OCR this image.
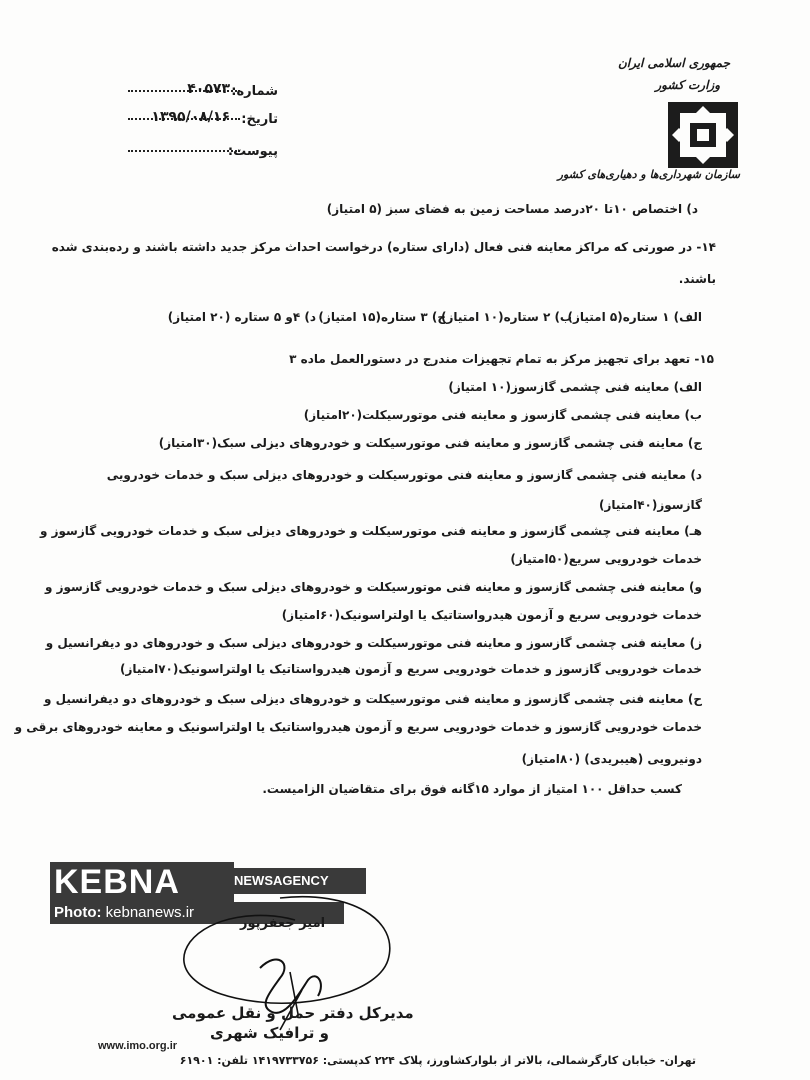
شماره:
۴۰۵۷۳
تاریخ:
۱۳۹۵/۰۸/۱۶
پیوست:
جمهوری اسلامی ایران
وزارت کشور
سازمان شهرداری‌ها و دهیاری‌های کشور
د) اختصاص ۱۰تا ۲۰درصد مساحت زمین به فضای سبز (۵ امتیاز)
۱۴- در صورتی که مراکز معاینه فنی فعال (دارای ستاره) درخواست احداث مرکز جدید داشته باشند و رده‌بندی شده
باشند.
الف) ۱ ستاره(۵ امتیاز)
ب) ۲ ستاره(۱۰ امتیاز)
ج) ۳ ستاره(۱۵ امتیاز)
د) ۴و ۵ ستاره (۲۰ امتیاز)
۱۵- تعهد برای تجهیز مرکز به تمام تجهیزات مندرج در دستورالعمل ماده ۳
الف) معاینه فنی چشمی گازسوز(۱۰ امتیاز)
ب) معاینه فنی چشمی گازسوز و معاینه فنی موتورسیکلت(۲۰امتیاز)
ج) معاینه فنی چشمی گازسوز و معاینه فنی موتورسیکلت و خودروهای دیزلی سبک(۳۰امتیاز)
د) معاینه فنی چشمی گازسوز و معاینه فنی موتورسیکلت و خودروهای دیزلی سبک و خدمات خودرویی
گازسوز(۴۰امتیاز)
هـ) معاینه فنی چشمی گازسوز و معاینه فنی موتورسیکلت و خودروهای دیزلی سبک و خدمات خودرویی گازسوز و
خدمات خودرویی سریع(۵۰امتیاز)
و) معاینه فنی چشمی گازسوز و معاینه فنی موتورسیکلت و خودروهای دیزلی سبک و خدمات خودرویی گازسوز و
خدمات خودرویی سریع و آزمون هیدرواستاتیک یا اولتراسونیک(۶۰امتیاز)
ز) معاینه فنی چشمی گازسوز و معاینه فنی موتورسیکلت و خودروهای دیزلی سبک و خودروهای دو دیفرانسیل و
خدمات خودرویی گازسوز و خدمات خودرویی سریع و آزمون هیدرواستاتیک یا اولتراسونیک(۷۰امتیاز)
ح) معاینه فنی چشمی گازسوز و معاینه فنی موتورسیکلت و خودروهای دیزلی سبک و خودروهای دو دیفرانسیل و
خدمات خودرویی گازسوز و خدمات خودرویی سریع و آزمون هیدرواستاتیک یا اولتراسونیک و معاینه خودروهای برقی و
دونیرویی (هیبریدی) (۸۰امتیاز)
کسب حداقل ۱۰۰ امتیاز از موارد ۱۵گانه فوق برای متقاضیان الزامیست.
KEBNA	NEWSAGENCY
Photo: kebnanews.ir
امیر جعفرپور
مدیرکل دفتر حمل و نقل عمومی
و ترافیک شهری
www.imo.org.ir
تهران- خیابان کارگرشمالی، بالاتر از بلوارکشاورز، پلاک ۲۲۴ کدپستی: ۱۴۱۹۷۳۳۷۵۶ تلفن: ۶۱۹۰۱
